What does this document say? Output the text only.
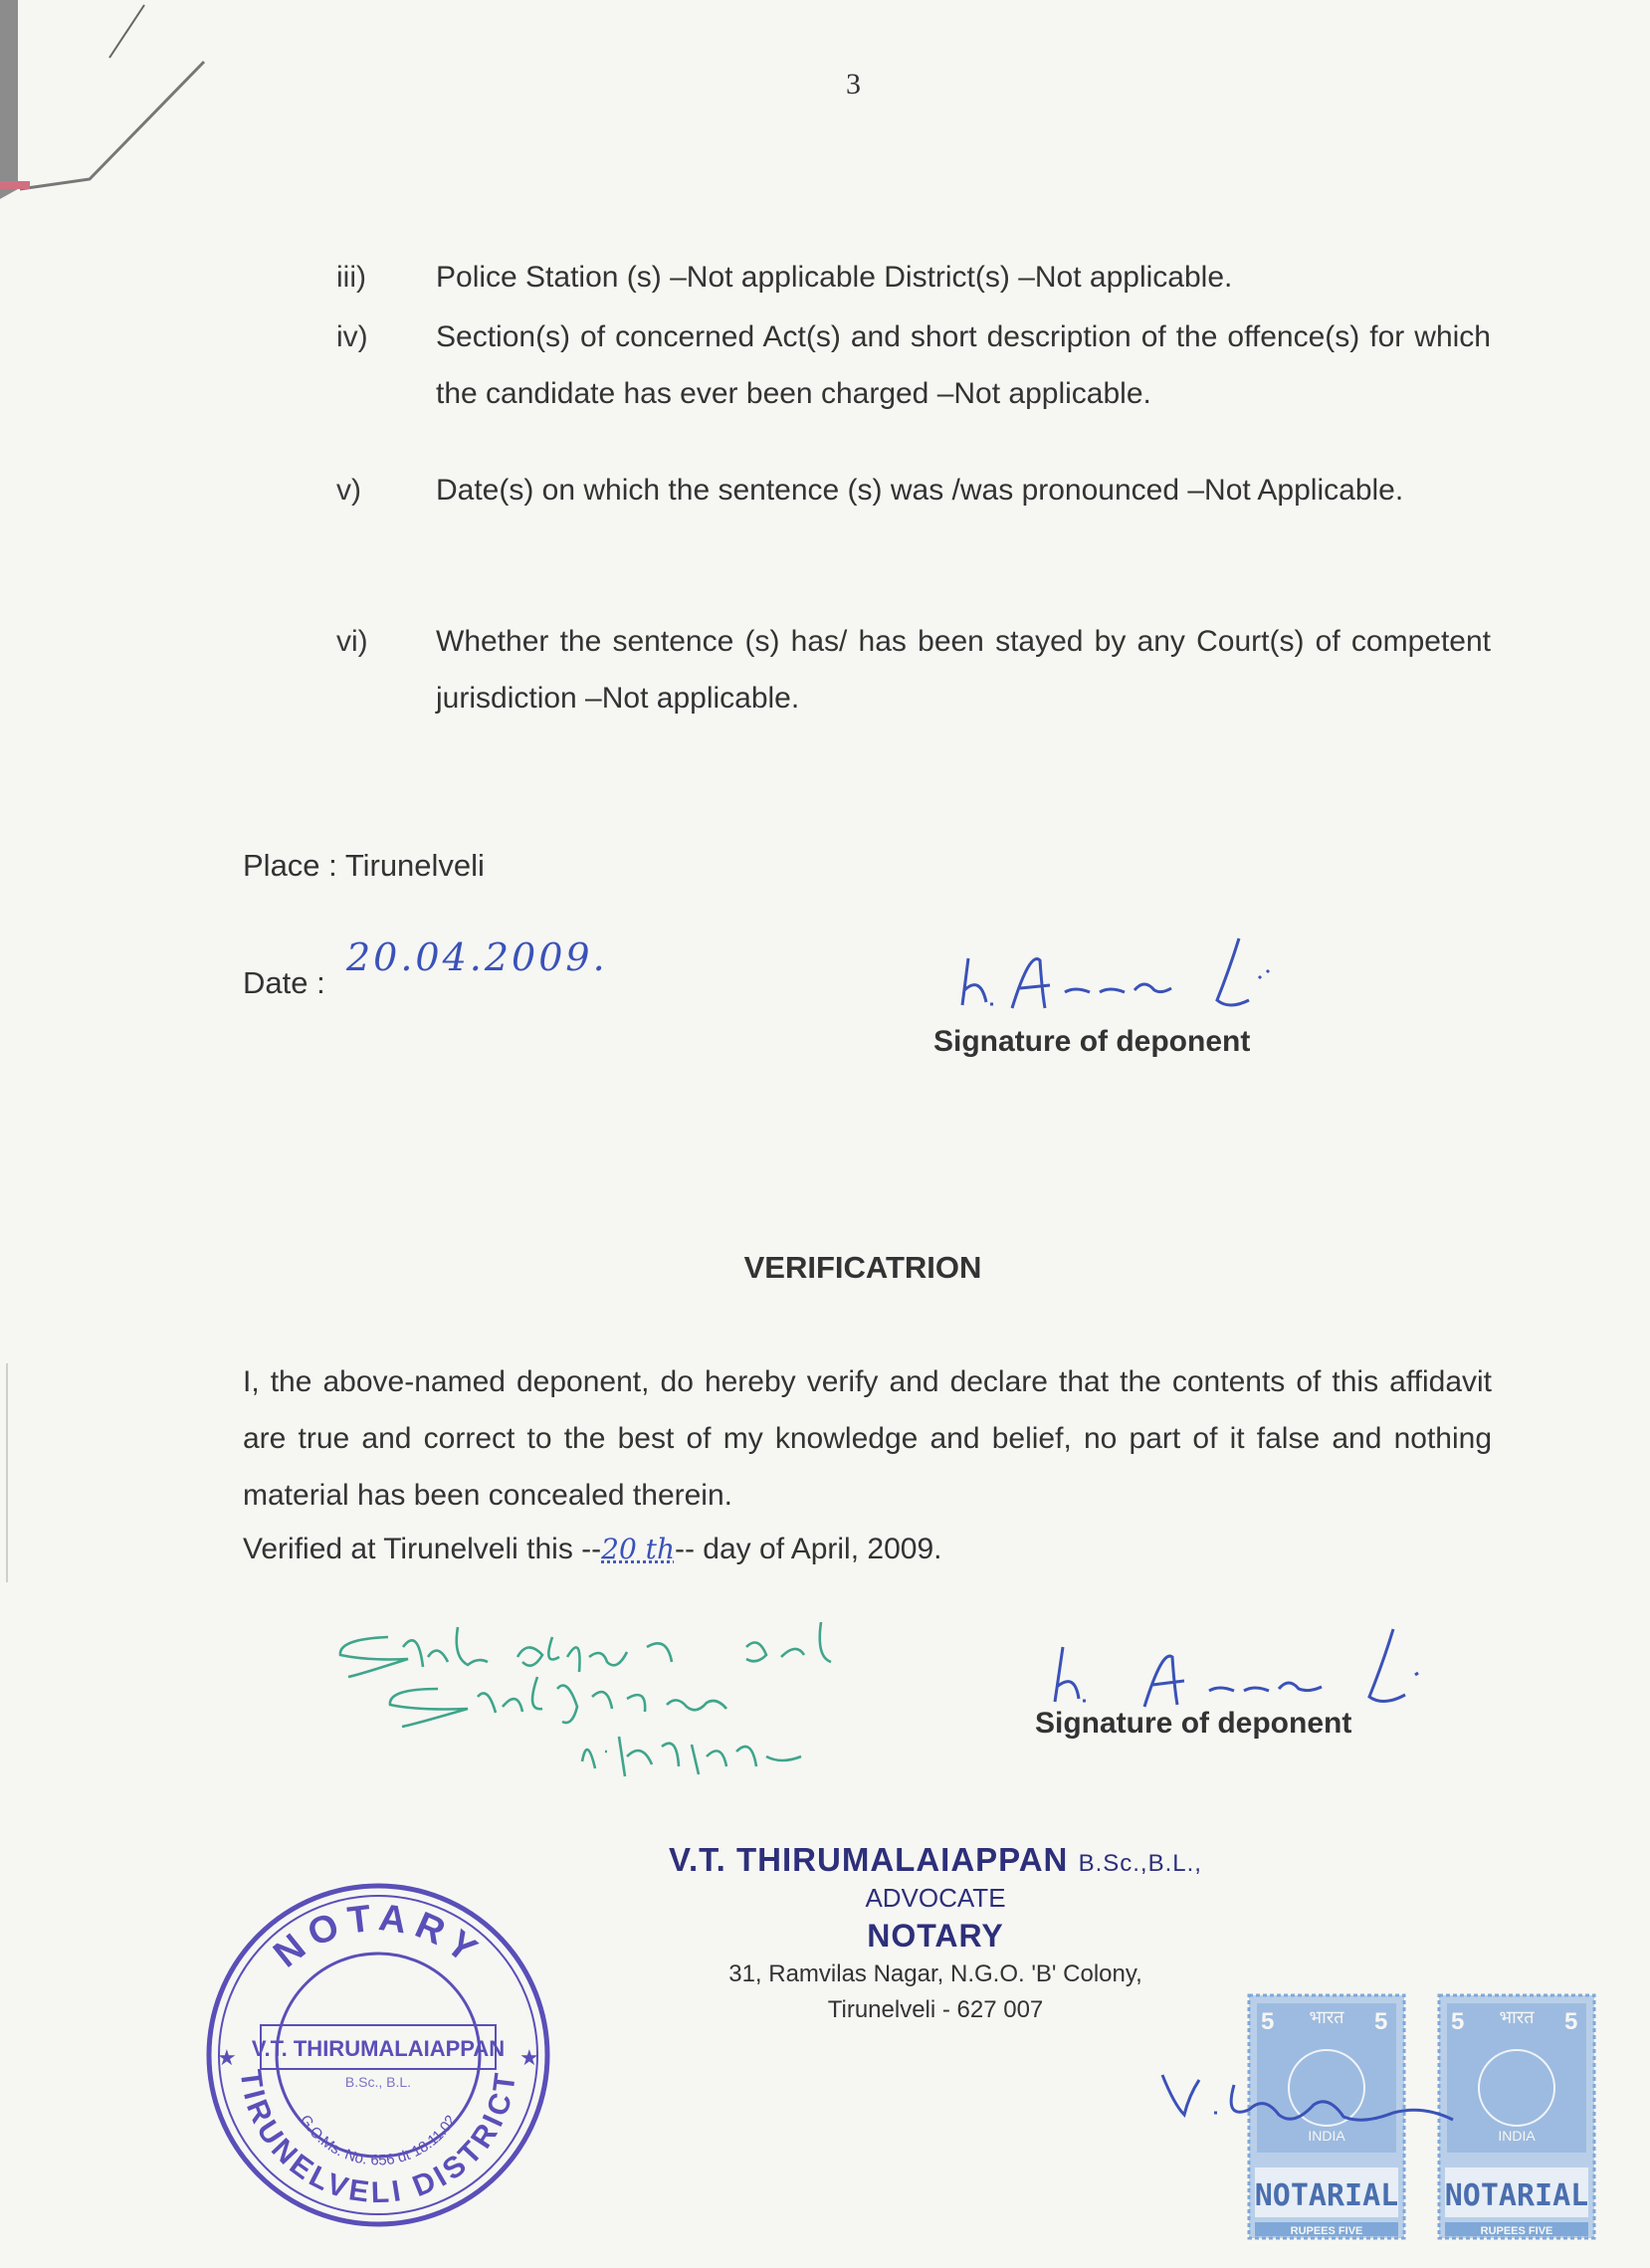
3
iii) Police Station (s) –Not applicable District(s) –Not applicable.
iv) Section(s) of concerned Act(s) and short description of the offence(s) for which the candidate has ever been charged –Not applicable.
v)	Date(s) on which the sentence (s) was /was pronounced –Not Applicable.
vi) Whether the sentence (s) has/ has been stayed by any Court(s) of competent jurisdiction –Not applicable.
Place : Tirunelveli
Date :
20.04.2009.
Signature of deponent
VERIFICATRION
I, the above-named deponent, do hereby verify and declare that the contents of this affidavit are true and correct to the best of my knowledge and belief, no part of it false and nothing material has been concealed therein.
Verified at Tirunelveli this --20 th-- day of April, 2009.
Signature of deponent
V.T. THIRUMALAIAPPAN B.Sc.,B.L.,
ADVOCATE
NOTARY
31, Ramvilas Nagar, N.G.O. 'B' Colony,
Tirunelveli - 627 007
NOTARY
TIRUNELVELI DISTRICT
G.O.Ms. No. 656 dt 18.11.02
★	★
V.T. THIRUMALAIAPPAN
B.Sc., B.L.
5	5
भारत
INDIA
NOTARIAL
RUPEES FIVE
5	5
भारत
INDIA
NOTARIAL
RUPEES FIVE
